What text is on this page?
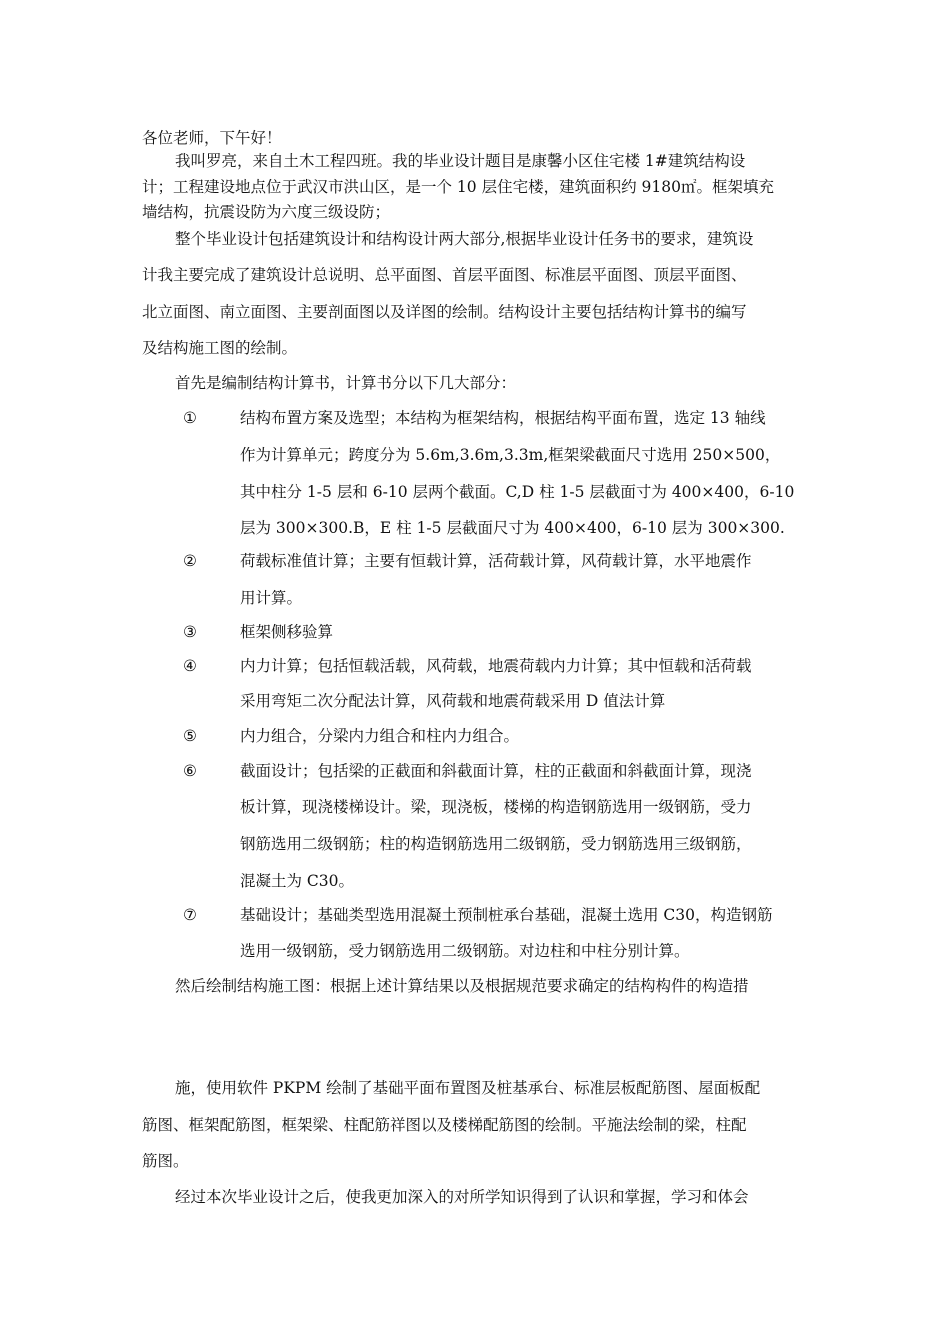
各位老师，下午好！
我叫罗亮，来自土木工程四班。我的毕业设计题目是康馨小区住宅楼 1#建筑结构设
计；工程建设地点位于武汉市洪山区，是一个 10 层住宅楼，建筑面积约 9180㎡。框架填充
墙结构，抗震设防为六度三级设防；
整个毕业设计包括建筑设计和结构设计两大部分,根据毕业设计任务书的要求，建筑设
计我主要完成了建筑设计总说明、总平面图、首层平面图、标准层平面图、顶层平面图、
北立面图、南立面图、主要剖面图以及详图的绘制。结构设计主要包括结构计算书的编写
及结构施工图的绘制。
首先是编制结构计算书，计算书分以下几大部分：
①	结构布置方案及选型；本结构为框架结构，根据结构平面布置，选定 13 轴线
作为计算单元；跨度分为 5.6m,3.6m,3.3m,框架梁截面尺寸选用 250×500，
其中柱分 1-5 层和 6-10 层两个截面。C,D 柱 1-5 层截面寸为 400×400，6-10
层为 300×300.B，E 柱 1-5 层截面尺寸为 400×400，6-10 层为 300×300.
②	荷载标准值计算；主要有恒载计算，活荷载计算，风荷载计算，水平地震作
用计算。
③	框架侧移验算
④	内力计算；包括恒载活载，风荷载，地震荷载内力计算；其中恒载和活荷载
采用弯矩二次分配法计算，风荷载和地震荷载采用 D 值法计算
⑤	内力组合，分梁内力组合和柱内力组合。
⑥	截面设计；包括梁的正截面和斜截面计算，柱的正截面和斜截面计算，现浇
板计算，现浇楼梯设计。梁，现浇板，楼梯的构造钢筋选用一级钢筋，受力
钢筋选用二级钢筋；柱的构造钢筋选用二级钢筋，受力钢筋选用三级钢筋，
混凝土为 C30。
⑦	基础设计；基础类型选用混凝土预制桩承台基础，混凝土选用 C30，构造钢筋
选用一级钢筋，受力钢筋选用二级钢筋。对边柱和中柱分别计算。
然后绘制结构施工图：根据上述计算结果以及根据规范要求确定的结构构件的构造措
施，使用软件 PKPM 绘制了基础平面布置图及桩基承台、标准层板配筋图、屋面板配
筋图、框架配筋图，框架梁、柱配筋祥图以及楼梯配筋图的绘制。平施法绘制的梁，柱配
筋图。
经过本次毕业设计之后，使我更加深入的对所学知识得到了认识和掌握，学习和体会
